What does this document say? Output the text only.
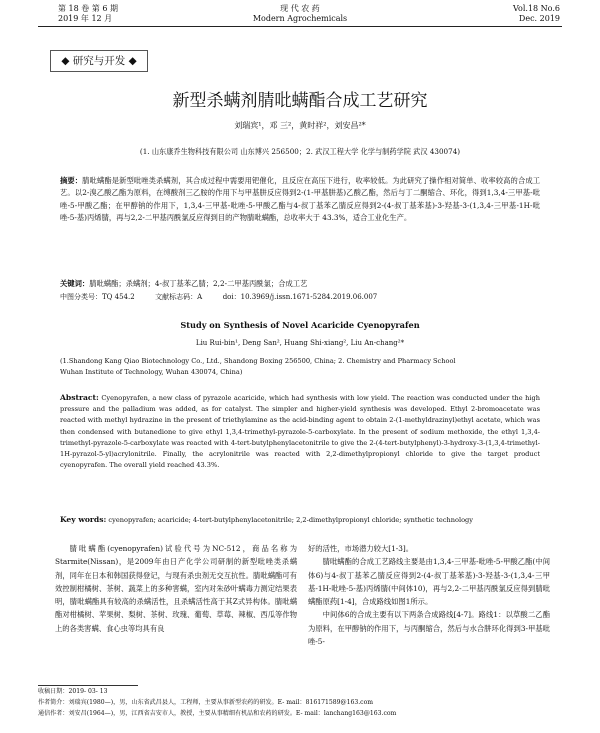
第 18 卷 第 6 期
2019 年 12 月
现 代 农 药
Modern Agrochemicals
Vol.18 No.6
Dec. 2019
◆ 研究与开发 ◆
新型杀螨剂腈吡螨酯合成工艺研究
刘瑞宾¹，邓 三²，黄时祥²，刘安昌²*
(1. 山东康乔生物科技有限公司 山东博兴 256500；2. 武汉工程大学 化学与制药学院 武汉 430074)
摘要：腈吡螨酯是新型吡唑类杀螨剂，其合成过程中需要用钯催化，且反应在高压下进行，收率较低。为此研究了操作相对简单、收率较高的合成工艺。以2-溴乙酸乙酯为原料，在缚酸剂三乙胺的作用下与甲基肼反应得到2-(1-甲基肼基)乙酸乙酯，然后与丁二酮缩合、环化，得到1,3,4-三甲基-吡唑-5-甲酸乙酯；在甲醇钠的作用下，1,3,4-三甲基-吡唑-5-甲酸乙酯与4-叔丁基苯乙腈反应得到2-(4-叔丁基苯基)-3-羟基-3-(1,3,4-三甲基-1H-吡唑-5-基)丙烯腈，再与2,2-二甲基丙酰氯反应得到目的产物腈吡螨酯，总收率大于 43.3%，适合工业化生产。
关键词：腈吡螨酯；杀螨剂；4-叔丁基苯乙腈；2,2-二甲基丙酰氯；合成工艺
中图分类号：TQ 454.2	文献标志码：A	doi：10.3969/j.issn.1671-5284.2019.06.007
Study on Synthesis of Novel Acaricide Cyenopyrafen
Liu Rui-bin¹, Deng San², Huang Shi-xiang², Liu An-chang²*
(1.Shandong Kang Qiao Biotechnology Co., Ltd., Shandong Boxing 256500, China; 2. Chemistry and Pharmacy School
Wuhan Institute of Technology, Wuhan 430074, China)
Abstract: Cyenopyrafen, a new class of pyrazole acaricide, which had synthesis with low yield. The reaction was conducted under the high pressure and the palladium was added, as for catalyst. The simpler and higher-yield synthesis was developed. Ethyl 2-bromoacetate was reacted with methyl hydrazine in the present of triethylamine as the acid-binding agent to obtain 2-(1-methyldrazinyl)ethyl acetate, which was then condensed with butanedione to give ethyl 1,3,4-trimethyl-pyrazole-5-carboxylate. In the present of sodium methoxide, the ethyl 1,3,4-trimethyl-pyrazole-5-carboxylate was reacted with 4-tert-butylphenylacetonitrile to give the 2-(4-tert-butylphenyl)-3-hydroxy-3-(1,3,4-trimethyl-1H-pyrazol-5-yl)acrylonitrile. Finally, the acrylonitrile was reacted with 2,2-dimethylpropionyl chloride to give the target product cyenopyrafen. The overall yield reached 43.3%.
Key words: cyenopyrafen; acaricide; 4-tert-butylphenylacetonitrile; 2,2-dimethylpropionyl chloride; synthetic technology
腈吡螨酯(cyenopyrafen)试验代号为NC-512，商品名称为Starmite(Nissan)，是2009年由日产化学公司研制的新型吡唑类杀螨剂，同年在日本和韩国获得登记，与现有杀虫剂无交互抗性。腈吡螨酯可有效控制柑橘树、茶树、蔬菜上的多种害螨，室内对朱砂叶螨毒力测定结果表明，腈吡螨酯具有较高的杀螨活性，且杀螨活性高于其Z式异构体。腈吡螨酯对柑橘树、苹果树、梨树、茶树、玫瑰、葡萄、草莓、辣椒、西瓜等作物上的各类害螨、食心虫等均具有良
好的活性，市场潜力较大[1-3]。
腈吡螨酯的合成工艺路线主要是由1,3,4-三甲基-吡唑-5-甲酸乙酯(中间体6)与4-叔丁基苯乙腈反应得到2-(4-叔丁基苯基)-3-羟基-3-(1,3,4-三甲基-1H-吡唑-5-基)丙烯腈(中间体10)，再与2,2-二甲基丙酰氯反应得到腈吡螨酯原药[1-4]，合成路线如图1所示。
中间体6的合成主要有以下两条合成路线[4-7]。路线1：以草酸二乙酯为原料，在甲醇钠的作用下，与丙酮缩合，然后与水合肼环化得到3-甲基吡唑-5-
收稿日期：2019- 03- 13
作者简介：刘瑞宾(1980—)，男，山东省武昌县人，工程师，主要从事新型农药的研发。E- mail：816171589@163.com
通信作者：刘安昌(1964—)，男，江西省吉安市人，教授，主要从事精细有机品和农药的研发。E- mail：lanchang163@163.com
